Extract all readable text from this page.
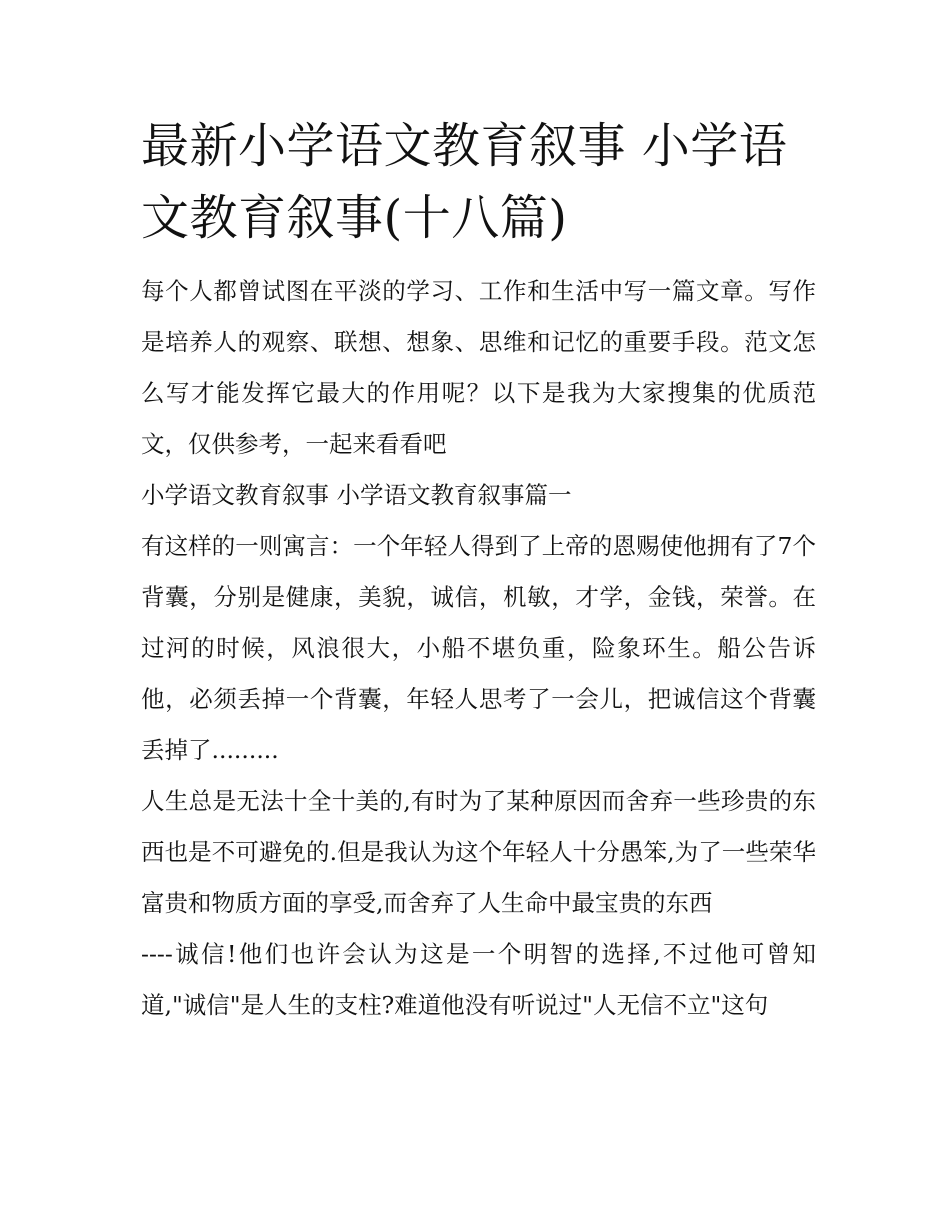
最新小学语文教育叙事 小学语文教育叙事(十八篇)

每个人都曾试图在平淡的学习、工作和生活中写一篇文章。写作是培养人的观察、联想、想象、思维和记忆的重要手段。范文怎么写才能发挥它最大的作用呢？以下是我为大家搜集的优质范文，仅供参考，一起来看看吧

小学语文教育叙事 小学语文教育叙事篇一

有这样的一则寓言：一个年轻人得到了上帝的恩赐使他拥有了7个背囊，分别是健康，美貌，诚信，机敏，才学，金钱，荣誉。在过河的时候，风浪很大，小船不堪负重，险象环生。船公告诉他，必须丢掉一个背囊，年轻人思考了一会儿，把诚信这个背囊丢掉了.........

人生总是无法十全十美的,有时为了某种原因而舍弃一些珍贵的东西也是不可避免的.但是我认为这个年轻人十分愚笨,为了一些荣华富贵和物质方面的享受,而舍弃了人生命中最宝贵的东西

----诚信!他们也许会认为这是一个明智的选择,不过他可曾知道,"诚信"是人生的支柱?难道他没有听说过"人无信不立"这句
